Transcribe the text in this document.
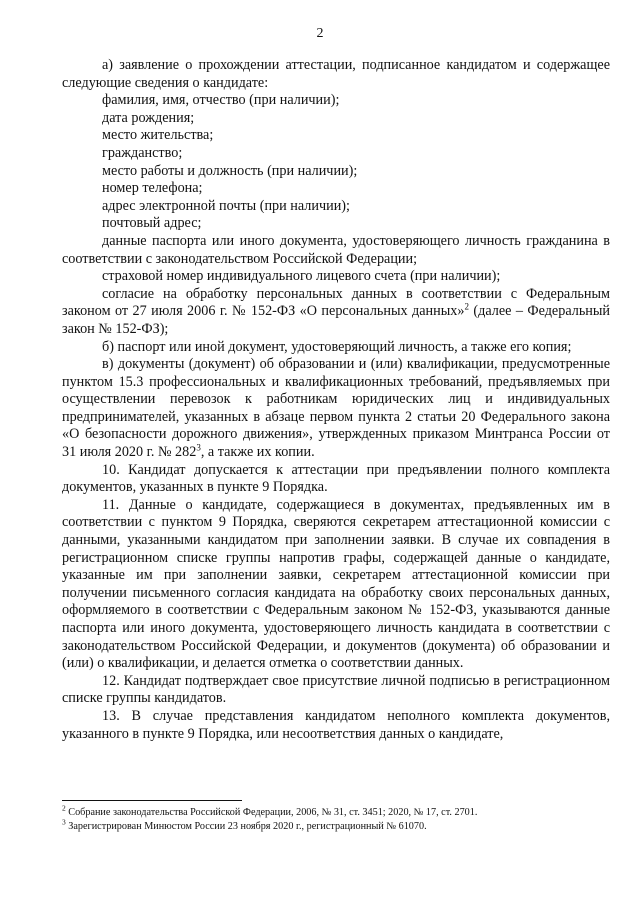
2

а) заявление о прохождении аттестации, подписанное кандидатом и содержащее следующие сведения о кандидате:

фамилия, имя, отчество (при наличии);

дата рождения;

место жительства;

гражданство;

место работы и должность (при наличии);

номер телефона;

адрес электронной почты (при наличии);

почтовый адрес;

данные паспорта или иного документа, удостоверяющего личность гражданина в соответствии с законодательством Российской Федерации;

страховой номер индивидуального лицевого счета (при наличии);

согласие на обработку персональных данных в соответствии с Федеральным законом от 27 июля 2006 г. № 152-ФЗ «О персональных данных»$^2$ (далее – Федеральный закон № 152-ФЗ);

б) паспорт или иной документ, удостоверяющий личность, а также его копия;

в) документы (документ) об образовании и (или) квалификации, предусмотренные пунктом 15.3 профессиональных и квалификационных требований, предъявляемых при осуществлении перевозок к работникам юридических лиц и индивидуальных предпринимателей, указанных в абзаце первом пункта 2 статьи 20 Федерального закона «О безопасности дорожного движения», утвержденных приказом Минтранса России от 31 июля 2020 г. № $282^3$, а также их копии.

10. Кандидат допускается к аттестации при предъявлении полного комплекта документов, указанных в пункте 9 Порядка.

11. Данные о кандидате, содержащиеся в документах, предъявленных им в соответствии с пунктом 9 Порядка, сверяются секретарем аттестационной комиссии с данными, указанными кандидатом при заполнении заявки. В случае их совпадения в регистрационном списке группы напротив графы, содержащей данные о кандидате, указанные им при заполнении заявки, секретарем аттестационной комиссии при получении письменного согласия кандидата на обработку своих персональных данных, оформляемого в соответствии с Федеральным законом № 152-ФЗ, указываются данные паспорта или иного документа, удостоверяющего личность кандидата в соответствии с законодательством Российской Федерации, и документов (документа) об образовании и (или) о квалификации, и делается отметка о соответствии данных.

12. Кандидат подтверждает свое присутствие личной подписью в регистрационном списке группы кандидатов.

13. В случае представления кандидатом неполного комплекта документов, указанного в пункте 9 Порядка, или несоответствия данных о кандидате,

$^2$ Собрание законодательства Российской Федерации, 2006, № 31, ст. 3451; 2020, № 17, ст. 2701.

$^3$ Зарегистрирован Минюстом России 23 ноября 2020 г., регистрационный № 61070.
